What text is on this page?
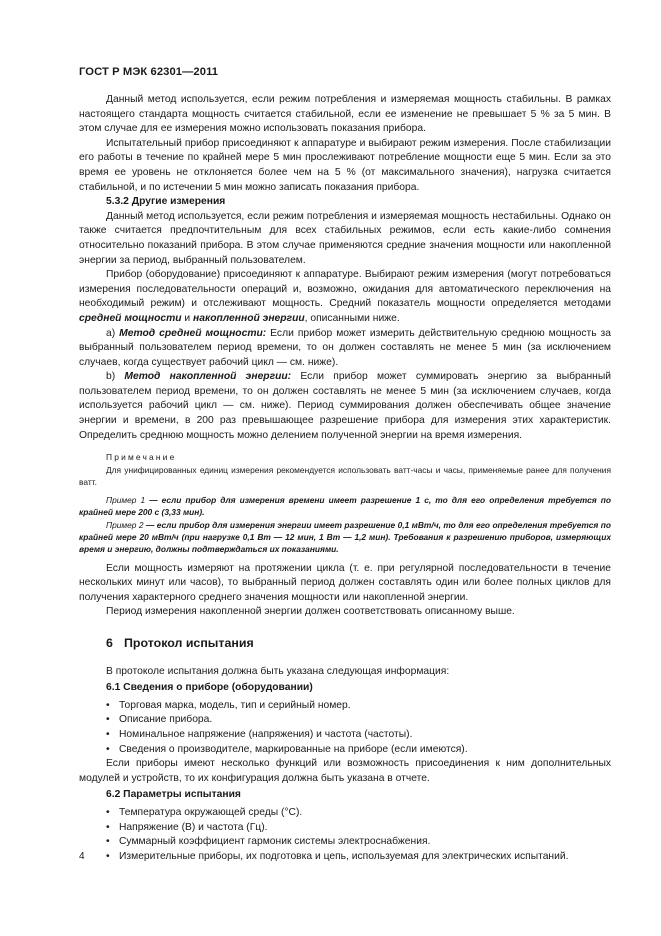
ГОСТ Р МЭК 62301—2011

Данный метод используется, если режим потребления и измеряемая мощность стабильны. В рамках настоящего стандарта мощность считается стабильной, если ее изменение не превышает 5 % за 5 мин. В этом случае для ее измерения можно использовать показания прибора.

Испытательный прибор присоединяют к аппаратуре и выбирают режим измерения. После стабилизации его работы в течение по крайней мере 5 мин прослеживают потребление мощности еще 5 мин. Если за это время ее уровень не отклоняется более чем на 5 % (от максимального значения), нагрузка считается стабильной, и по истечении 5 мин можно записать показания прибора.

5.3.2 Другие измерения

Данный метод используется, если режим потребления и измеряемая мощность нестабильны. Однако он также считается предпочтительным для всех стабильных режимов, если есть какие-либо сомнения относительно показаний прибора. В этом случае применяются средние значения мощности или накопленной энергии за период, выбранный пользователем.

Прибор (оборудование) присоединяют к аппаратуре. Выбирают режим измерения (могут потребоваться измерения последовательности операций и, возможно, ожидания для автоматического переключения на необходимый режим) и отслеживают мощность. Средний показатель мощности определяется методами средней мощности и накопленной энергии, описанными ниже.

a) Метод средней мощности: Если прибор может измерить действительную среднюю мощность за выбранный пользователем период времени, то он должен составлять не менее 5 мин (за исключением случаев, когда существует рабочий цикл — см. ниже).

b) Метод накопленной энергии: Если прибор может суммировать энергию за выбранный пользователем период времени, то он должен составлять не менее 5 мин (за исключением случаев, когда используется рабочий цикл — см. ниже). Период суммирования должен обеспечивать общее значение энергии и времени, в 200 раз превышающее разрешение прибора для измерения этих характеристик. Определить среднюю мощность можно делением полученной энергии на время измерения.

Примечание

Для унифицированных единиц измерения рекомендуется использовать ватт-часы и часы, применяемые ранее для получения ватт.

Пример 1 — если прибор для измерения времени имеет разрешение 1 с, то для его определения требуется по крайней мере 200 с (3,33 мин).

Пример 2 — если прибор для измерения энергии имеет разрешение 0,1 мВт/ч, то для его определения требуется по крайней мере 20 мВт/ч (при нагрузке 0,1 Вт — 12 мин, 1 Вт — 1,2 мин). Требования к разрешению приборов, измеряющих время и энергию, должны подтверждаться их показаниями.

Если мощность измеряют на протяжении цикла (т. е. при регулярной последовательности в течение нескольких минут или часов), то выбранный период должен составлять один или более полных циклов для получения характерного среднего значения мощности или накопленной энергии.

Период измерения накопленной энергии должен соответствовать описанному выше.

6 Протокол испытания

В протоколе испытания должна быть указана следующая информация:

6.1 Сведения о приборе (оборудовании)

• Торговая марка, модель, тип и серийный номер.

• Описание прибора.

• Номинальное напряжение (напряжения) и частота (частоты).

• Сведения о производителе, маркированные на приборе (если имеются).

Если приборы имеют несколько функций или возможность присоединения к ним дополнительных модулей и устройств, то их конфигурация должна быть указана в отчете.

6.2 Параметры испытания

• Температура окружающей среды (°С).

• Напряжение (В) и частота (Гц).

• Суммарный коэффициент гармоник системы электроснабжения.

• Измерительные приборы, их подготовка и цепь, используемая для электрических испытаний.

4
